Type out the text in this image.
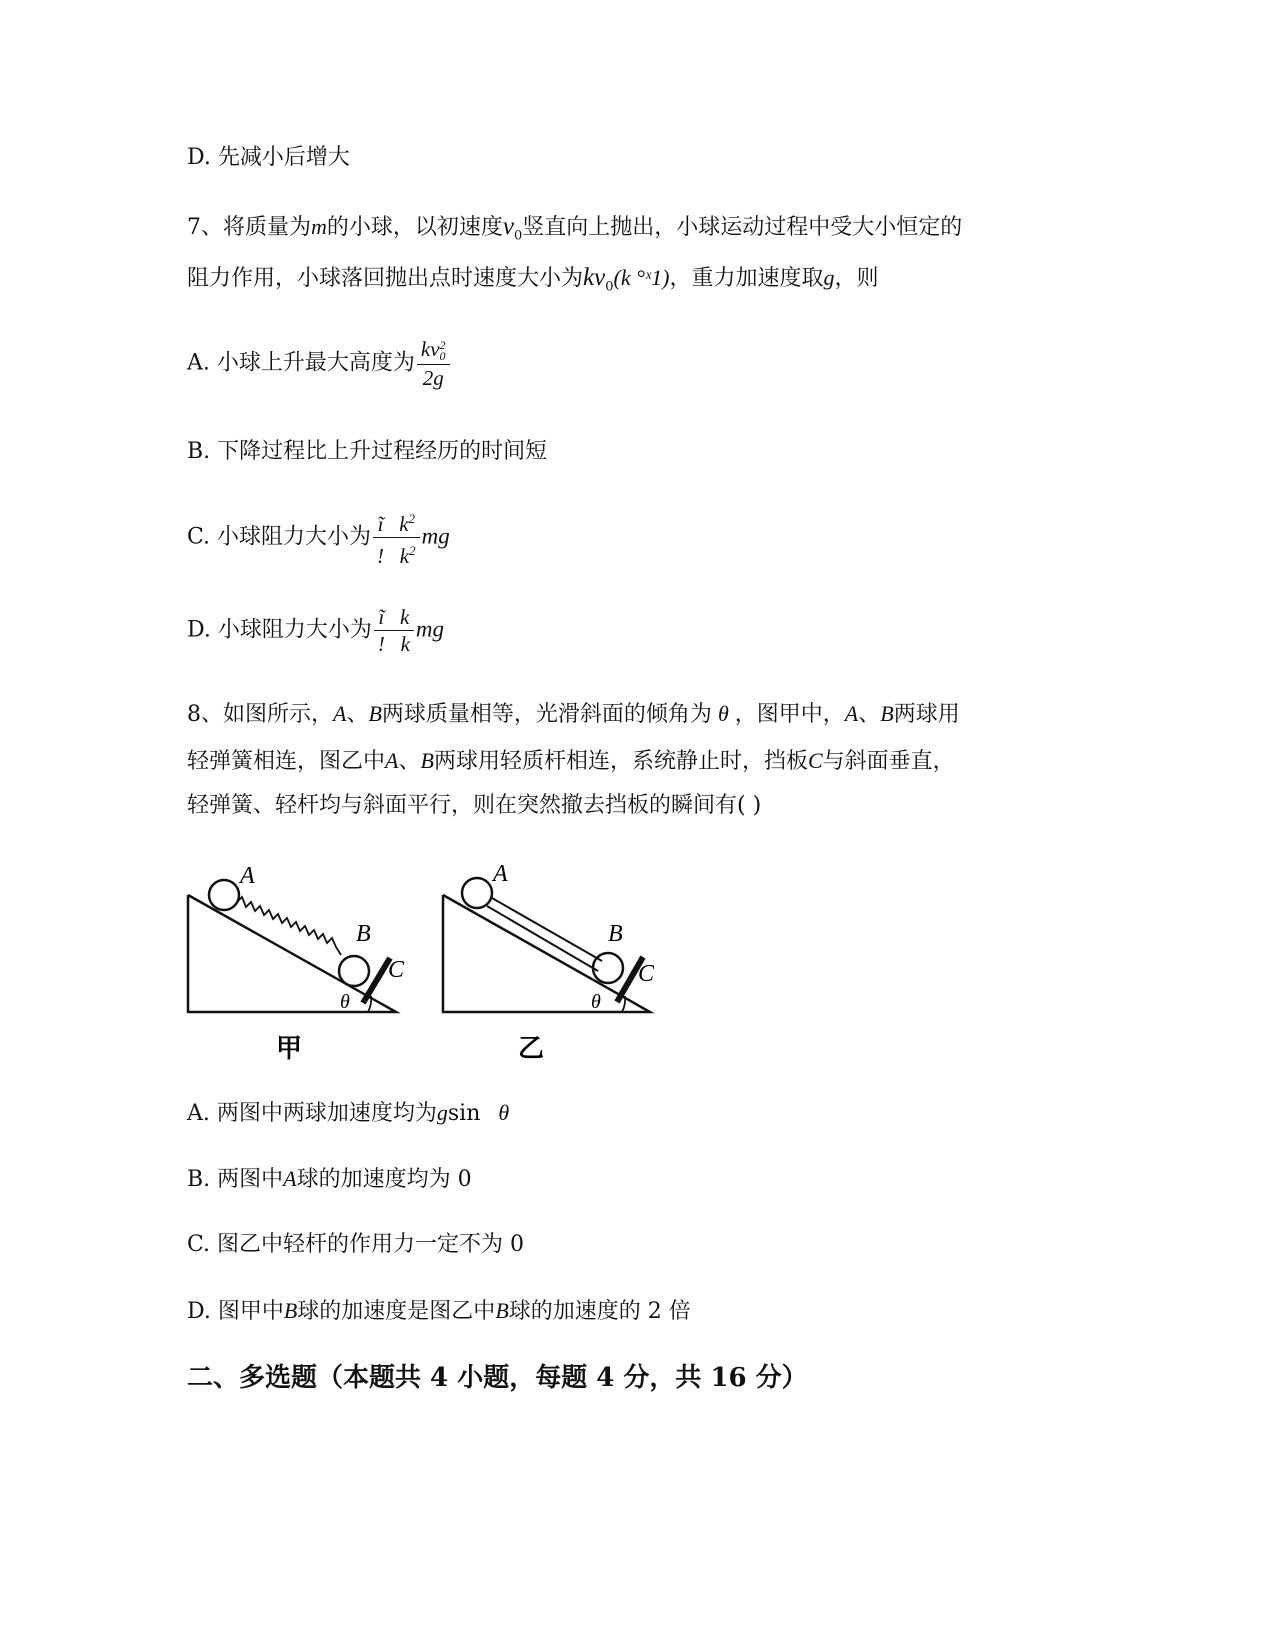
D. 先减小后增大
7、将质量为m的小球，以初速度$v_0$竖直向上抛出，小球运动过程中受大小恒定的
阻力作用，小球落回抛出点时速度大小为$kv_0(k$ °ˣ1)，重力加速度取g，则
A. 小球上升最大高度为 kv 2
0
2g
B. 下降过程比上升过程经历的时间短
C. 小球阻力大小为 $\frac{ĩ k^2}{! k^2}$ mg
D. 小球阻力大小为 $\frac{\text{ĩ   k}}{! k}$ mg
8、如图所示，A、B两球质量相等，光滑斜面的倾角为 θ ，图甲中，A、B两球用
轻弹簧相连，图乙中A、B两球用轻质杆相连，系统静止时，挡板C与斜面垂直，
轻弹簧、轻杆均与斜面平行，则在突然撤去挡板的瞬间有( )
A
B
C
θ
甲
A
B
C
θ
乙
A. 两图中两球加速度均为gsin θ
B. 两图中A球的加速度均为 0
C. 图乙中轻杆的作用力一定不为 0
D. 图甲中B球的加速度是图乙中B球的加速度的 2 倍
二、多选题（本题共 4 小题，每题 4 分，共 16 分）
